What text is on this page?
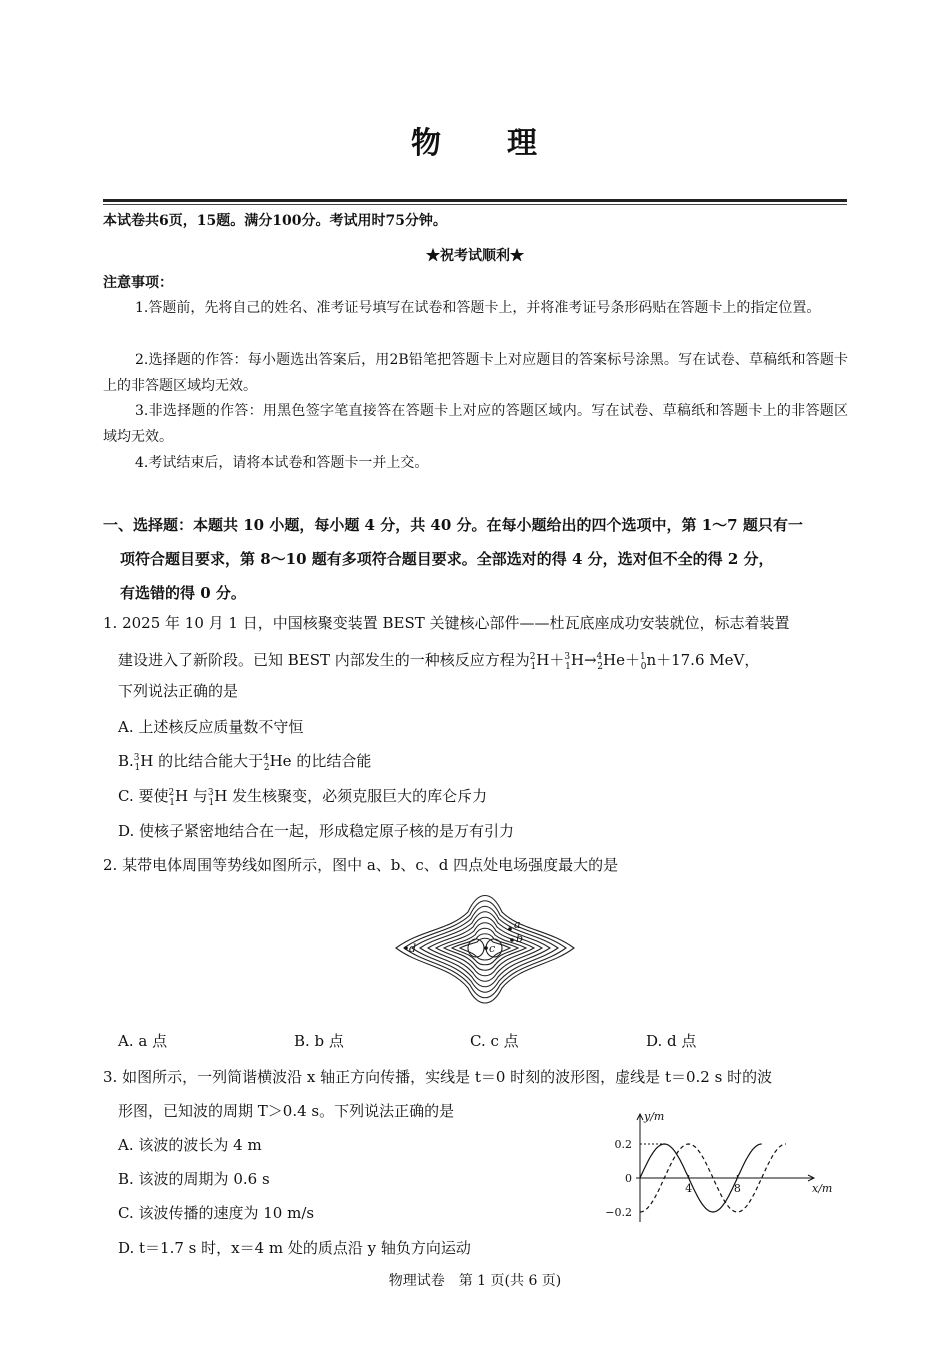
物　　理
本试卷共6页，15题。满分100分。考试用时75分钟。
★祝考试顺利★
注意事项：
1.答题前，先将自己的姓名、准考证号填写在试卷和答题卡上，并将准考证号条形码贴在答题卡上的指定位置。
2.选择题的作答：每小题选出答案后，用2B铅笔把答题卡上对应题目的答案标号涂黑。写在试卷、草稿纸和答题卡上的非答题区域均无效。
3.非选择题的作答：用黑色签字笔直接答在答题卡上对应的答题区域内。写在试卷、草稿纸和答题卡上的非答题区域均无效。
4.考试结束后，请将本试卷和答题卡一并上交。
一、选择题：本题共 10 小题，每小题 4 分，共 40 分。在每小题给出的四个选项中，第 1～7 题只有一

项符合题目要求，第 8～10 题有多项符合题目要求。全部选对的得 4 分，选对但不全的得 2 分，
有选错的得 0 分。
1. 2025 年 10 月 1 日，中国核聚变装置 BEST 关键核心部件——杜瓦底座成功安装就位，标志着装置
建设进入了新阶段。已知 BEST 内部发生的一种核反应方程为$^2_1$H＋$^3_1$H→$^4_2$He＋$^1_0$n＋17.6 MeV，
下列说法正确的是
A. 上述核反应质量数不守恒
B.$^3_1$H 的比结合能大于$^4_2$He 的比结合能
C. 要使$^2_1$H 与$^3_1$H 发生核聚变，必须克服巨大的库仑斥力
D. 使核子紧密地结合在一起，形成稳定原子核的是万有引力
2. 某带电体周围等势线如图所示，图中 a、b、c、d 四点处电场强度最大的是
a
b
c
d
A. a 点	B. b 点	C. c 点	D. d 点
3. 如图所示，一列简谐横波沿 x 轴正方向传播，实线是 t＝0 时刻的波形图，虚线是 t＝0.2 s 时的波
形图，已知波的周期 T＞0.4 s。下列说法正确的是
A. 该波的波长为 4 m
B. 该波的周期为 0.6 s
C. 该波传播的速度为 10 m/s
D. t＝1.7 s 时，x＝4 m 处的质点沿 y 轴负方向运动
y/m
x/m
0.2
0
−0.2
4	8
物理试卷　第 1 页(共 6 页)
